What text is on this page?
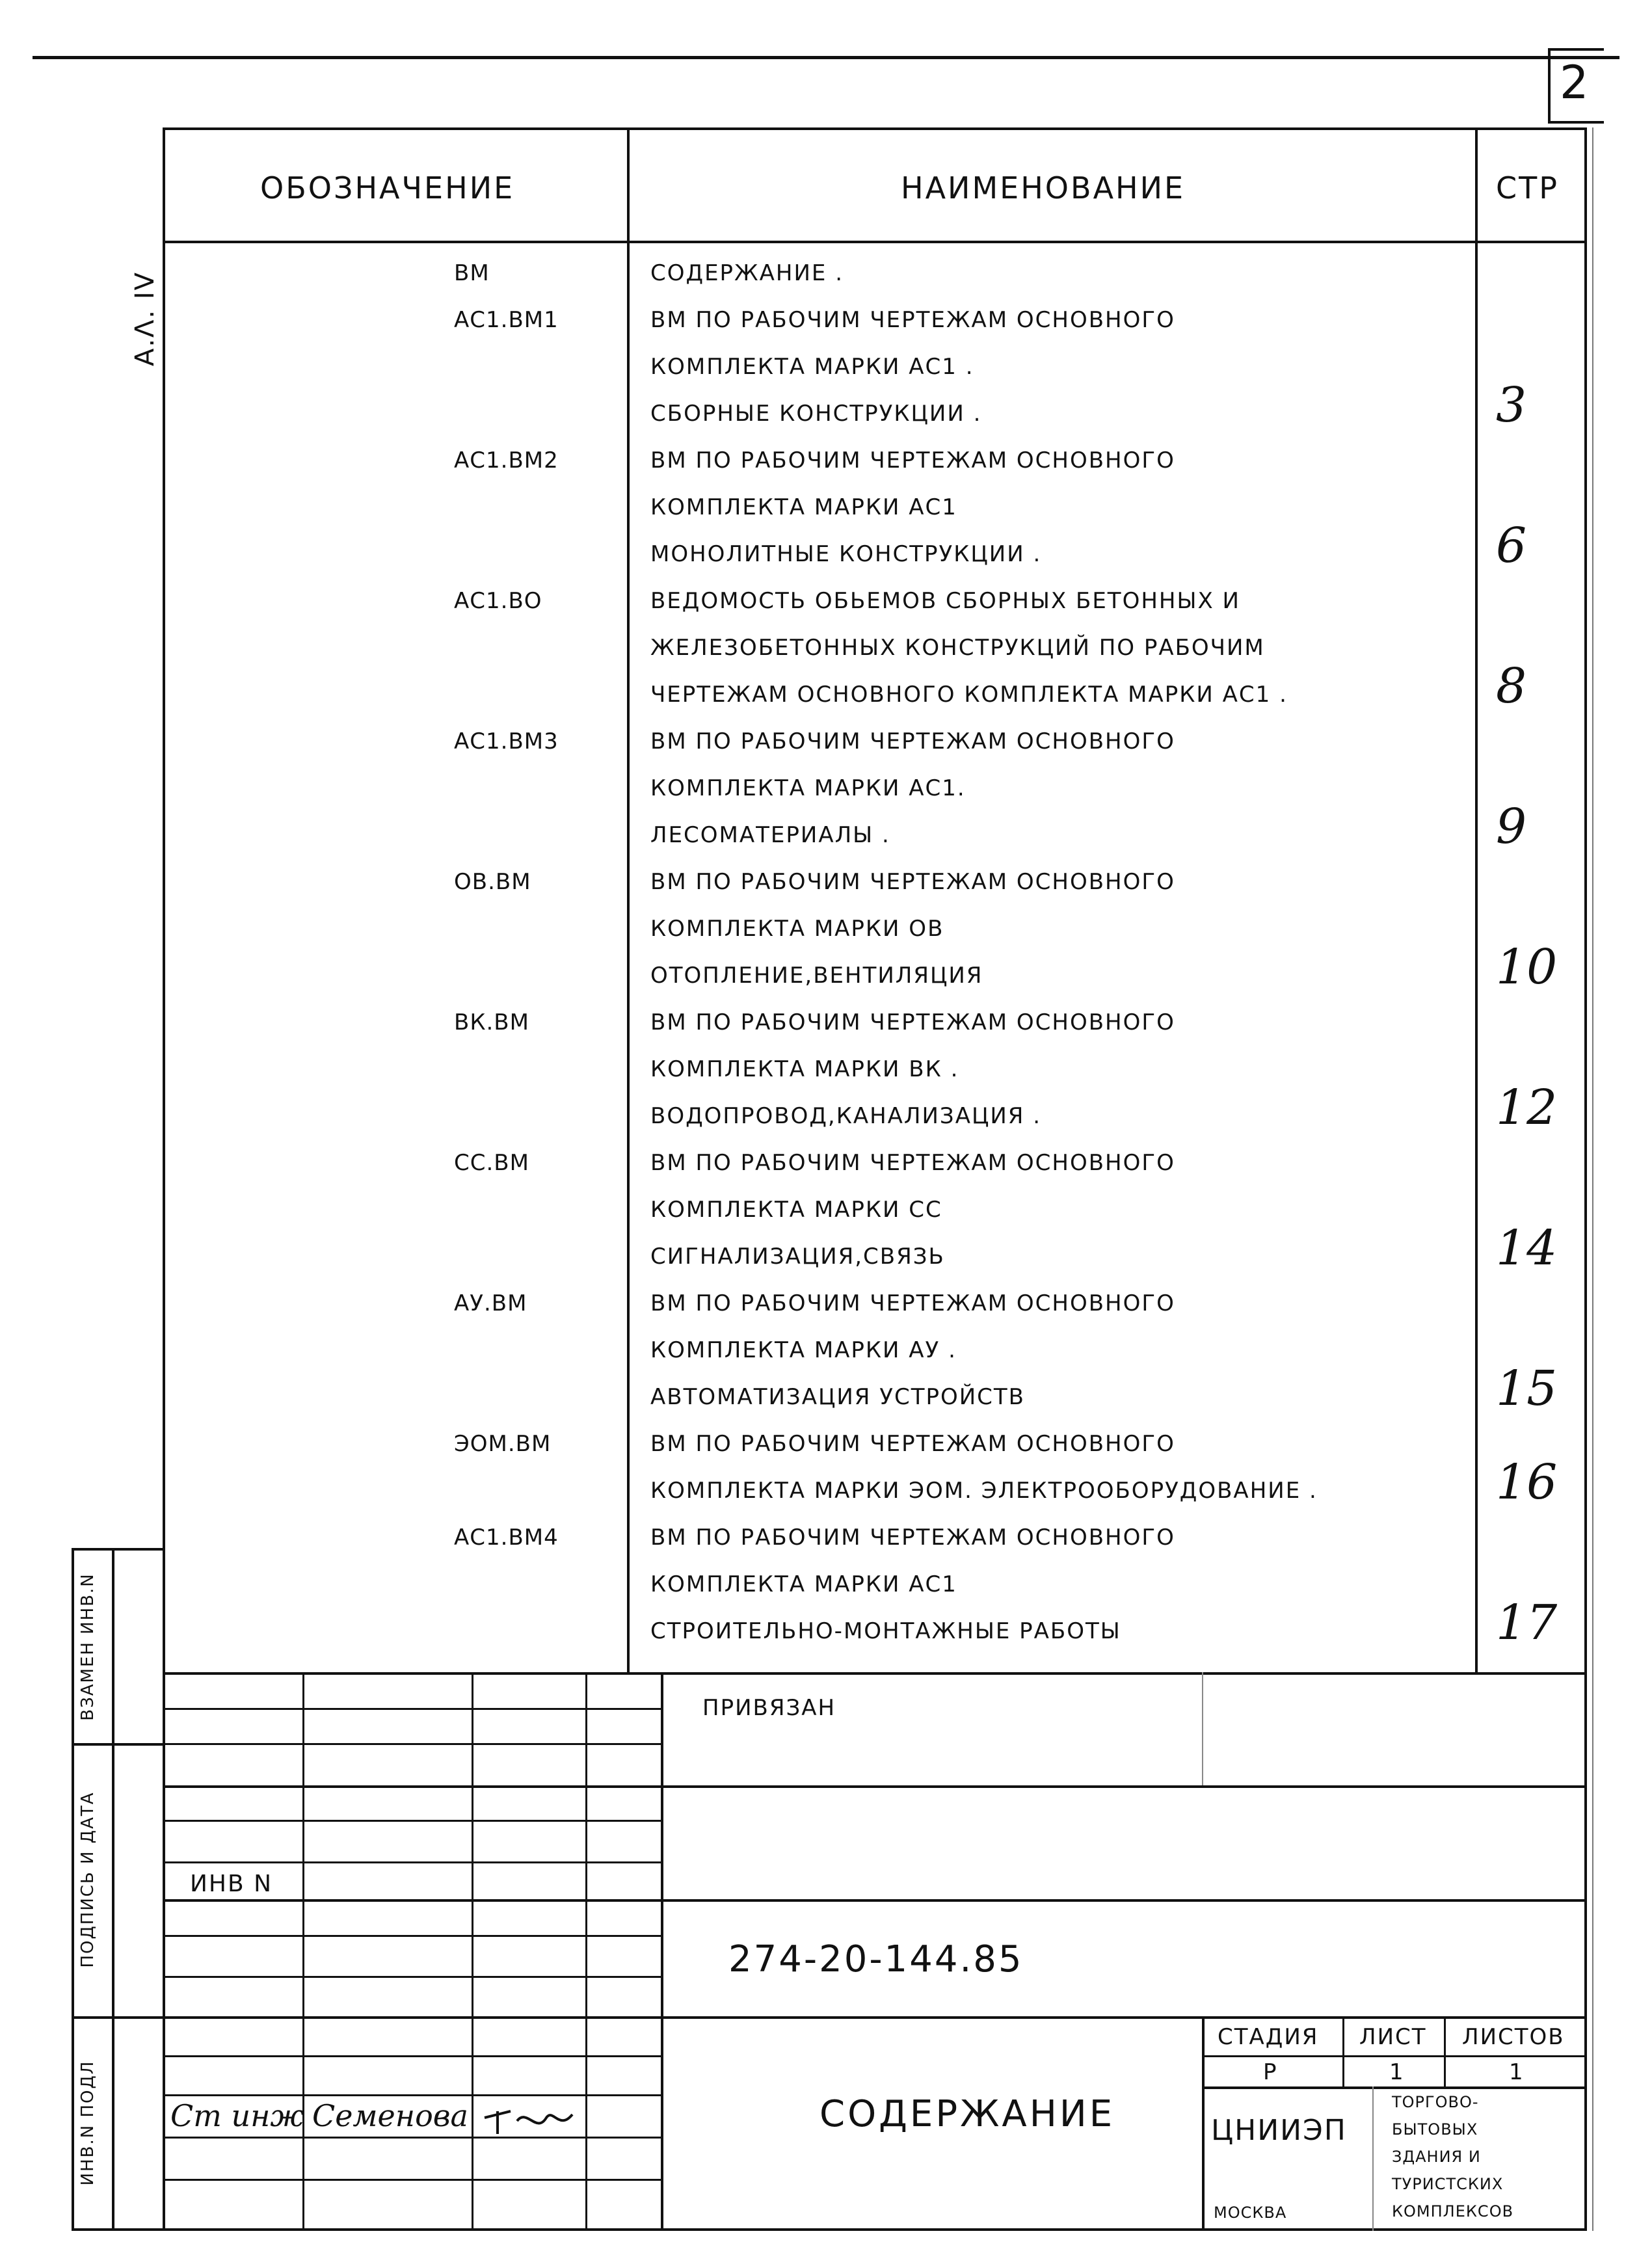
2
А.Λ. IV
ОБОЗНАЧЕНИЕ	НАИМЕНОВАНИЕ	СТР
ВМ	СОДЕРЖАНИЕ .
АС1.ВМ1	ВМ ПО РАБОЧИМ ЧЕРТЕЖАМ ОСНОВНОГО
КОМПЛЕКТА МАРКИ АС1 .
СБОРНЫЕ КОНСТРУКЦИИ .	3
АС1.ВМ2	ВМ ПО РАБОЧИМ ЧЕРТЕЖАМ ОСНОВНОГО
КОМПЛЕКТА МАРКИ АС1
МОНОЛИТНЫЕ КОНСТРУКЦИИ .	6
АС1.ВО	ВЕДОМОСТЬ ОБЬЕМОВ СБОРНЫХ БЕТОННЫХ И
ЖЕЛЕЗОБЕТОННЫХ КОНСТРУКЦИЙ ПО РАБОЧИМ
ЧЕРТЕЖАМ ОСНОВНОГО КОМПЛЕКТА МАРКИ АС1 .	8
АС1.ВМ3	ВМ ПО РАБОЧИМ ЧЕРТЕЖАМ ОСНОВНОГО
КОМПЛЕКТА МАРКИ АС1.
ЛЕСОМАТЕРИАЛЫ .	9
ОВ.ВМ	ВМ ПО РАБОЧИМ ЧЕРТЕЖАМ ОСНОВНОГО
КОМПЛЕКТА МАРКИ ОВ
ОТОПЛЕНИЕ,ВЕНТИЛЯЦИЯ	10
ВК.ВМ	ВМ ПО РАБОЧИМ ЧЕРТЕЖАМ ОСНОВНОГО
КОМПЛЕКТА МАРКИ ВК .
ВОДОПРОВОД,КАНАЛИЗАЦИЯ .	12
СС.ВМ	ВМ ПО РАБОЧИМ ЧЕРТЕЖАМ ОСНОВНОГО
КОМПЛЕКТА МАРКИ СС
СИГНАЛИЗАЦИЯ,СВЯЗЬ	14
АУ.ВМ	ВМ ПО РАБОЧИМ ЧЕРТЕЖАМ ОСНОВНОГО
КОМПЛЕКТА МАРКИ АУ .
АВТОМАТИЗАЦИЯ УСТРОЙСТВ	15
ЭОМ.ВМ	ВМ ПО РАБОЧИМ ЧЕРТЕЖАМ ОСНОВНОГО
КОМПЛЕКТА МАРКИ ЭОМ. ЭЛЕКТРООБОРУДОВАНИЕ .	16
АС1.ВМ4	ВМ ПО РАБОЧИМ ЧЕРТЕЖАМ ОСНОВНОГО
КОМПЛЕКТА МАРКИ АС1
СТРОИТЕЛЬНО-МОНТАЖНЫЕ РАБОТЫ	17
ПРИВЯЗАН
ИНВ N
274-20-144.85
Ст инж Семенова	СОДЕРЖАНИЕ
СТАДИЯ ЛИСТ ЛИСТОВ
Р	1	1
ЦНИИЭП
МОСКВА
ТОРГОВО-
БЫТОВЫХ
ЗДАНИЯ И
ТУРИСТСКИХ
КОМПЛЕКСОВ
ВЗАМЕН ИНВ.N
ПОДПИСЬ И ДАТА
ИНВ.N ПОДЛ
